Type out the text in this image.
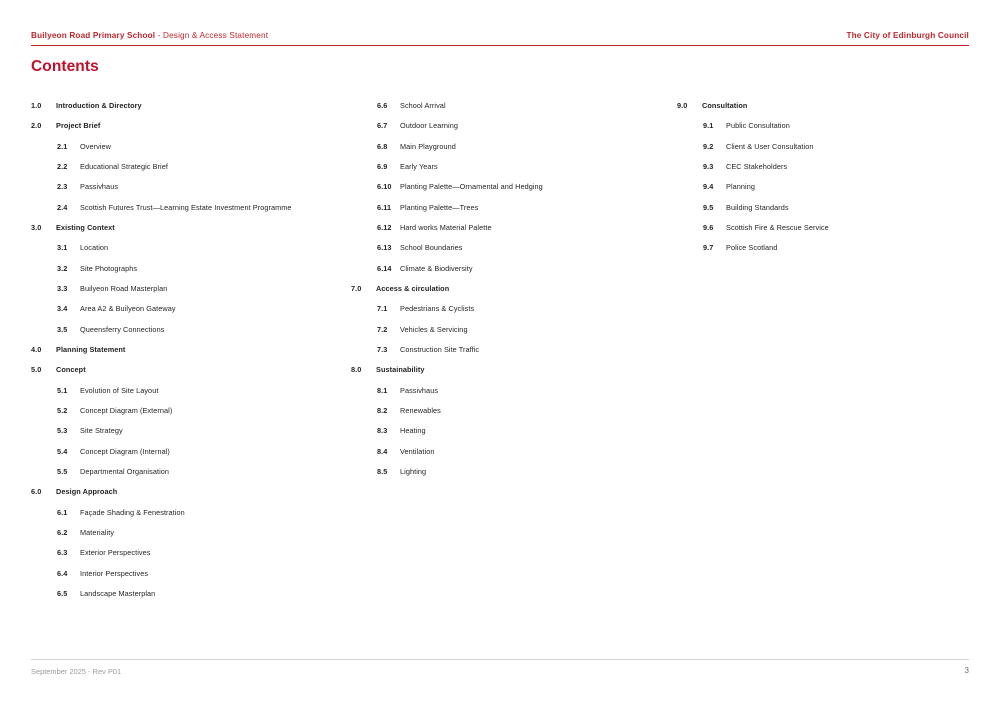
Builyeon Road Primary School - Design & Access Statement	The City of Edinburgh Council
Contents
1.0 Introduction & Directory
2.0 Project Brief
2.1 Overview
2.2 Educational Strategic Brief
2.3 Passivhaus
2.4 Scottish Futures Trust—Learning Estate Investment Programme
3.0 Existing Context
3.1 Location
3.2 Site Photographs
3.3 Builyeon Road Masterplan
3.4 Area A2 & Builyeon Gateway
3.5 Queensferry Connections
4.0 Planning Statement
5.0 Concept
5.1 Evolution of Site Layout
5.2 Concept Diagram (External)
5.3 Site Strategy
5.4 Concept Diagram (Internal)
5.5 Departmental Organisation
6.0 Design Approach
6.1 Façade Shading & Fenestration
6.2 Materiality
6.3 Exterior Perspectives
6.4 Interior Perspectives
6.5 Landscape Masterplan
6.6 School Arrival
6.7 Outdoor Learning
6.8 Main Playground
6.9 Early Years
6.10 Planting Palette—Ornamental and Hedging
6.11 Planting Palette—Trees
6.12 Hard works Material Palette
6.13 School Boundaries
6.14 Climate & Biodiversity
7.0 Access & circulation
7.1 Pedestrians & Cyclists
7.2 Vehicles & Servicing
7.3 Construction Site Traffic
8.0 Sustainability
8.1 Passivhaus
8.2 Renewables
8.3 Heating
8.4 Ventilation
8.5 Lighting
9.0 Consultation
9.1 Public Consultation
9.2 Client & User Consultation
9.3 CEC Stakeholders
9.4 Planning
9.5 Building Standards
9.6 Scottish Fire & Rescue Service
9.7 Police Scotland
September 2025 - Rev P01	3
